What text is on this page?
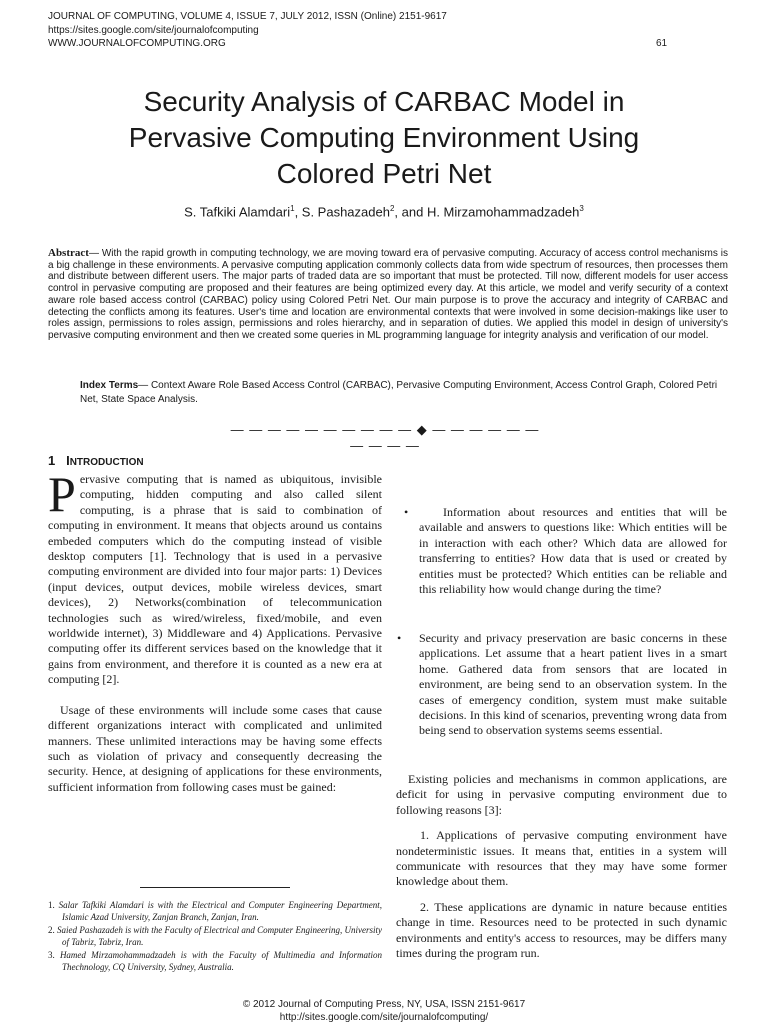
JOURNAL OF COMPUTING, VOLUME 4, ISSUE 7, JULY 2012, ISSN (Online) 2151-9617
https://sites.google.com/site/journalofcomputing
WWW.JOURNALOFCOMPUTING.ORG	61
Security Analysis of CARBAC Model in
Pervasive Computing Environment Using
Colored Petri Net
S. Tafkiki Alamdari$^1$, S. Pashazadeh$^2$, and H. Mirzamohammadzadeh$^3$
Abstract— With the rapid growth in computing technology, we are moving toward era of pervasive computing. Accuracy of access control mechanisms is a big challenge in these environments. A pervasive computing application commonly collects data from wide spectrum of resources, then processes them and distribute between different users. The major parts of traded data are so important that must be protected. Till now, different models for user access control in pervasive computing are proposed and their features are being optimized every day. At this article, we model and verify security of a context aware role based access control (CARBAC) policy using Colored Petri Net. Our main purpose is to prove the accuracy and integrity of CARBAC and detecting the conflicts among its features. User's time and location are environmental contexts that were involved in some decision-makings like user to roles assign, permissions to roles assign, permissions and roles hierarchy, and in separation of duties. We applied this model in design of university's pervasive computing environment and then we created some queries in ML programming language for integrity analysis and verification of our model.
Index Terms— Context Aware Role Based Access Control (CARBAC), Pervasive Computing Environment, Access Control Graph, Colored Petri Net, State Space Analysis.
— — — — — — — — — — ◆ — — — — — — — — — —
1 INTRODUCTION

Pervasive computing that is named as ubiquitous, invisible computing, hidden computing and also called silent computing, is a phrase that is said to combination of computing in environment. It means that objects around us contains embeded computers which do the computing instead of visible desktop computers [1]. Technology that is used in a pervasive computing environment are divided into four major parts: 1) Devices (input devices, output devices, mobile wireless devices, smart devices), 2) Networks(combination of telecommunication technologies such as wired/wireless, fixed/mobile, and even worldwide internet), 3) Middleware and 4) Applications. Pervasive computing offer its different services based on the knowledge that it gains from environment, and therefore it is counted as a new era at computing [2].

Usage of these environments will include some cases that cause different organizations interact with complicated and unlimited manners. These unlimited interactions may be having some effects such as violation of privacy and consequently decreasing the security. Hence, at designing of applications for these environments, sufficient information from following cases must be gained:

1. Salar Tafkiki Alamdari is with the Electrical and Computer Engineering Department, Islamic Azad University, Zanjan Branch, Zanjan, Iran.

2. Saied Pashazadeh is with the Faculty of Electrical and Computer Engineering, University of Tabriz, Tabriz, Iran.

3. Hamed Mirzamohammadzadeh is with the Faculty of Multimedia and Information Thechnology, CQ University, Sydney, Australia.

•	Information about resources and entities that will be available and answers to questions like: Which entities will be in interaction with each other? Which data are allowed for transferring to entities? How data that is used or created by entities must be protected? Which entities can be reliable and this reliability how would change during the time?

• Security and privacy preservation are basic concerns in these applications. Let assume that a heart patient lives in a smart home. Gathered data from sensors that are located in environment, are being send to an observation system. In the cases of emergency condition, system must make suitable decisions. In this kind of scenarios, preventing wrong data from being send to observation systems seems essential.

Existing policies and mechanisms in common applications, are deficit for using in pervasive computing environment due to following reasons [3]:

1. Applications of pervasive computing environment have nondeterministic issues. It means that, entities in a system will communicate with resources that they may have some former knowledge about them.

2. These applications are dynamic in nature because entities change in time. Resources need to be protected in such dynamic environments and entity's access to resources, may be differs many times during the program run.

© 2012 Journal of Computing Press, NY, USA, ISSN 2151-9617
http://sites.google.com/site/journalofcomputing/
